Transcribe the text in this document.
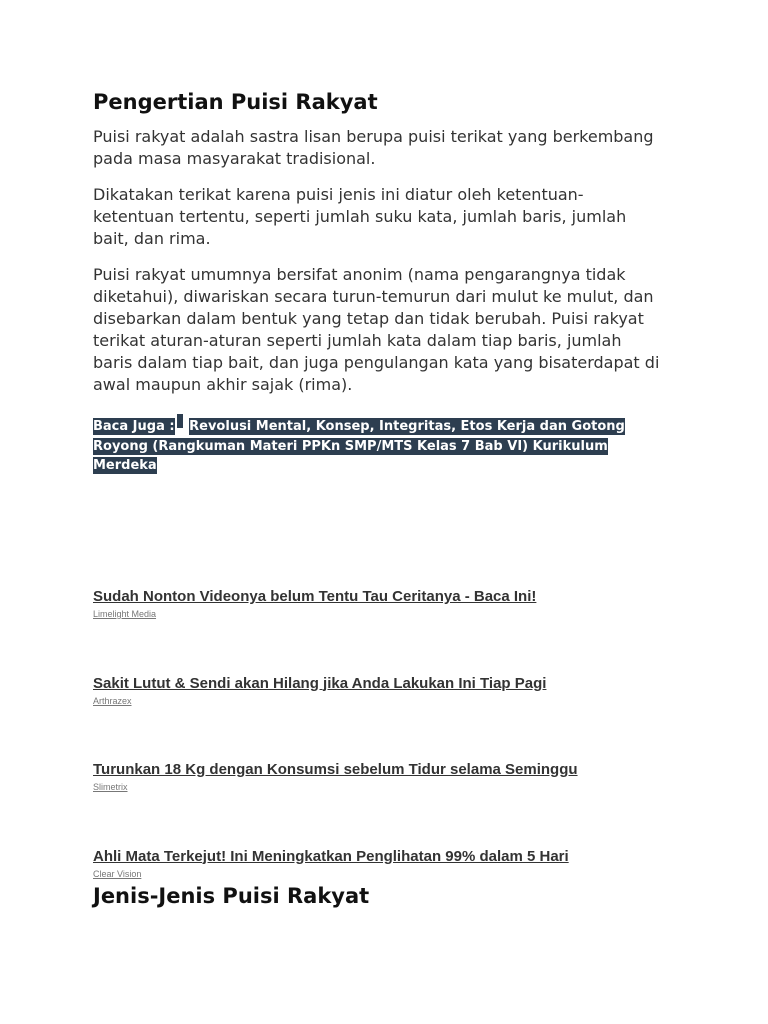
Pengertian Puisi Rakyat

Puisi rakyat adalah sastra lisan berupa puisi terikat yang berkembang pada masa masyarakat tradisional.

Dikatakan terikat karena puisi jenis ini diatur oleh ketentuan-ketentuan tertentu, seperti jumlah suku kata, jumlah baris, jumlah bait, dan rima.

Puisi rakyat umumnya bersifat anonim (nama pengarangnya tidak diketahui), diwariskan secara turun-temurun dari mulut ke mulut, dan disebarkan dalam bentuk yang tetap dan tidak berubah. Puisi rakyat terikat aturan-aturan seperti jumlah kata dalam tiap baris, jumlah baris dalam tiap bait, dan juga pengulangan kata yang bisaterdapat di awal maupun akhir sajak (rima).

Baca Juga : Revolusi Mental, Konsep, Integritas, Etos Kerja dan Gotong Royong (Rangkuman Materi PPKn SMP/MTS Kelas 7 Bab VI) Kurikulum Merdeka
Sudah Nonton Videonya belum Tentu Tau Ceritanya - Baca Ini!
Limelight Media
Sakit Lutut & Sendi akan Hilang jika Anda Lakukan Ini Tiap Pagi
Arthrazex
Turunkan 18 Kg dengan Konsumsi sebelum Tidur selama Seminggu
Slimetrix
Ahli Mata Terkejut! Ini Meningkatkan Penglihatan 99% dalam 5 Hari
Clear Vision
Jenis-Jenis Puisi Rakyat
